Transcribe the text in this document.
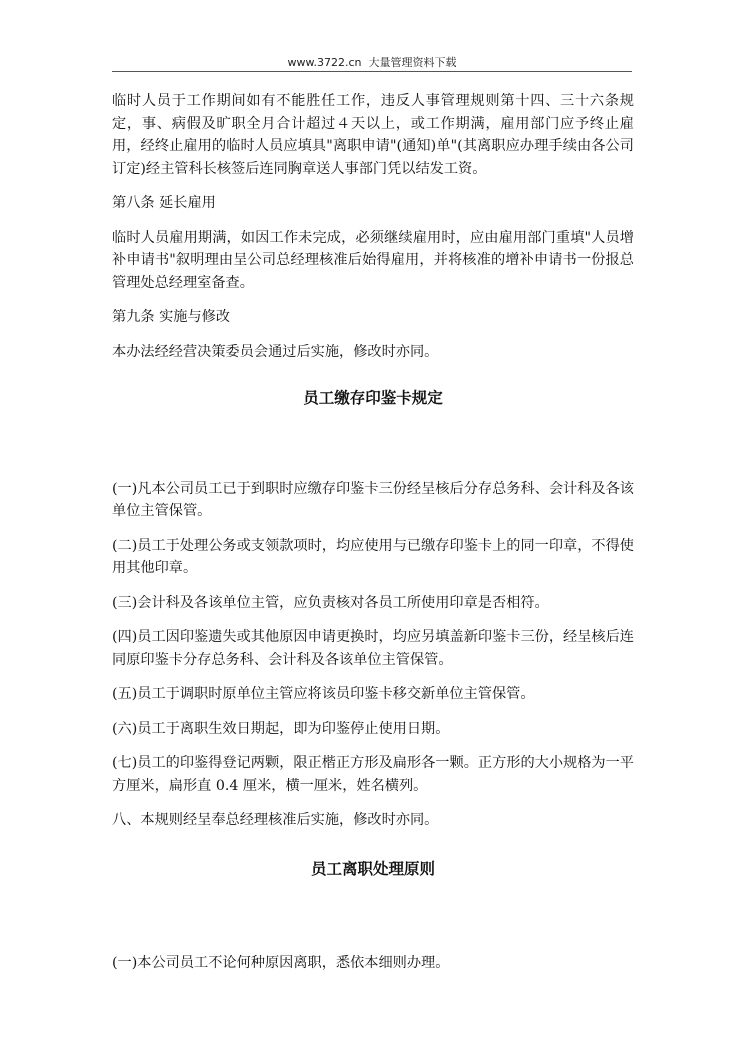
www.3722.cn 大量管理资料下载

临时人员于工作期间如有不能胜任工作，违反人事管理规则第十四、三十六条规定，事、病假及旷职全月合计超过４天以上，或工作期满，雇用部门应予终止雇用，经终止雇用的临时人员应填具"离职申请"(通知)单"(其离职应办理手续由各公司订定)经主管科长核签后连同胸章送人事部门凭以结发工资。

第八条 延长雇用

临时人员雇用期满，如因工作未完成，必须继续雇用时，应由雇用部门重填"人员增补申请书"叙明理由呈公司总经理核准后始得雇用，并将核准的增补申请书一份报总管理处总经理室备查。

第九条 实施与修改

本办法经经营决策委员会通过后实施，修改时亦同。

员工缴存印鉴卡规定

(一)凡本公司员工已于到职时应缴存印鉴卡三份经呈核后分存总务科、会计科及各该单位主管保管。

(二)员工于处理公务或支领款项时，均应使用与已缴存印鉴卡上的同一印章，不得使用其他印章。

(三)会计科及各该单位主管，应负责核对各员工所使用印章是否相符。

(四)员工因印鉴遗失或其他原因申请更换时，均应另填盖新印鉴卡三份，经呈核后连同原印鉴卡分存总务科、会计科及各该单位主管保管。

(五)员工于调职时原单位主管应将该员印鉴卡移交新单位主管保管。

(六)员工于离职生效日期起，即为印鉴停止使用日期。

(七)员工的印鉴得登记两颗，限正楷正方形及扁形各一颗。正方形的大小规格为一平方厘米，扁形直 0.4 厘米，横一厘米，姓名横列。

八、本规则经呈奉总经理核准后实施，修改时亦同。

员工离职处理原则

(一)本公司员工不论何种原因离职，悉依本细则办理。
